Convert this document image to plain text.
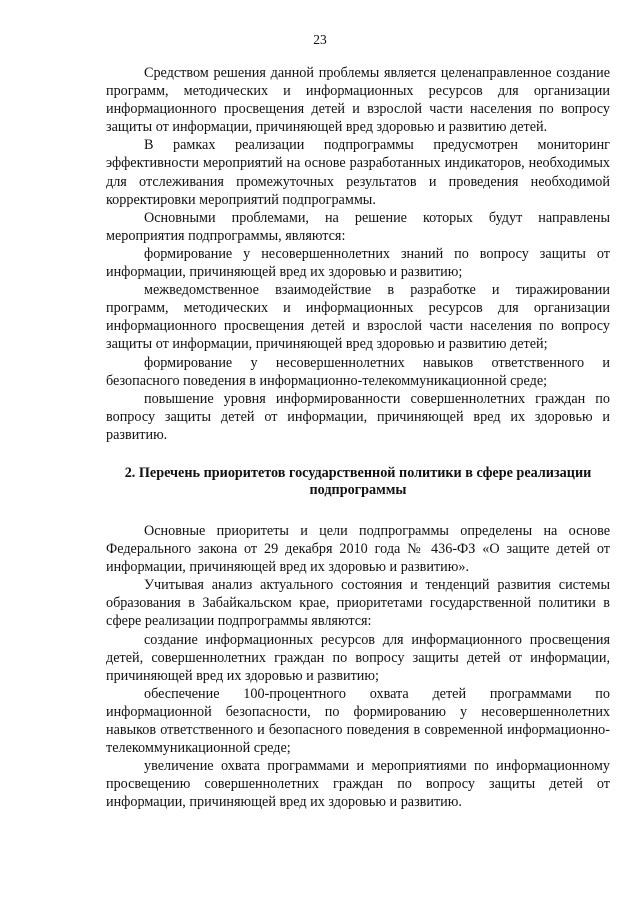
23

Средством решения данной проблемы является целенаправленное создание программ, методических и информационных ресурсов для организации информационного просвещения детей и взрослой части населения по вопросу защиты от информации, причиняющей вред здоровью и развитию детей.

В рамках реализации подпрограммы предусмотрен мониторинг эффективности мероприятий на основе разработанных индикаторов, необходимых для отслеживания промежуточных результатов и проведения необходимой корректировки мероприятий подпрограммы.

Основными проблемами, на решение которых будут направлены мероприятия подпрограммы, являются:

формирование у несовершеннолетних знаний по вопросу защиты от информации, причиняющей вред их здоровью и развитию;

межведомственное взаимодействие в разработке и тиражировании программ, методических и информационных ресурсов для организации информационного просвещения детей и взрослой части населения по вопросу защиты от информации, причиняющей вред здоровью и развитию детей;

формирование у несовершеннолетних навыков ответственного и безопасного поведения в информационно-телекоммуникационной среде;

повышение уровня информированности совершеннолетних граждан по вопросу защиты детей от информации, причиняющей вред их здоровью и развитию.

2. Перечень приоритетов государственной политики в сфере реализации подпрограммы

Основные приоритеты и цели подпрограммы определены на основе Федерального закона от 29 декабря 2010 года № 436-ФЗ «О защите детей от информации, причиняющей вред их здоровью и развитию».

Учитывая анализ актуального состояния и тенденций развития системы образования в Забайкальском крае, приоритетами государственной политики в сфере реализации подпрограммы являются:

создание информационных ресурсов для информационного просвещения детей, совершеннолетних граждан по вопросу защиты детей от информации, причиняющей вред их здоровью и развитию;

обеспечение 100-процентного охвата детей программами по информационной безопасности, по формированию у несовершеннолетних навыков ответственного и безопасного поведения в современной информационно-телекоммуникационной среде;

увеличение охвата программами и мероприятиями по информационному просвещению совершеннолетних граждан по вопросу защиты детей от информации, причиняющей вред их здоровью и развитию.
